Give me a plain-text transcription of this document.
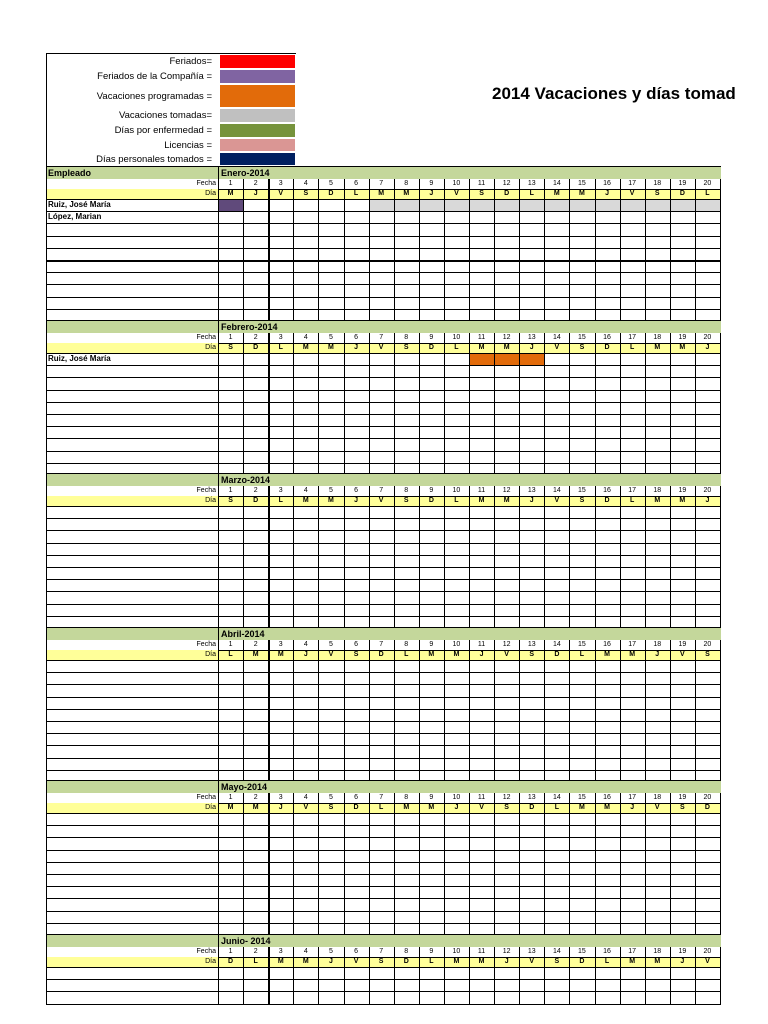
Feriados=
Feriados de la Compañía =
Vacaciones programadas =
Vacaciones tomadas=
Días por enfermedad =
Licencias =
Días personales tomados =
2014 Vacaciones y días tomad
Empleado	Enero-2014
Fecha
Día
1
M
2
J
3
V
4
S
5
D
6
L
7
M
8
M
9
J
10
V
11
S
12
D
13
L
14
M
15
M
16
J
17
V
18
S
19
D
20
L
Ruiz, José María
López, Marian
Febrero-2014
Fecha
Día
1
S
2
D
3
L
4
M
5
M
6
J
7
V
8
S
9
D
10
L
11
M
12
M
13
J
14
V
15
S
16
D
17
L
18
M
19
M
20
J
Ruiz, José María
Marzo-2014
Fecha
Día
1
S
2
D
3
L
4
M
5
M
6
J
7
V
8
S
9
D
10
L
11
M
12
M
13
J
14
V
15
S
16
D
17
L
18
M
19
M
20
J
Abril-2014
Fecha
Día
1
L
2
M
3
M
4
J
5
V
6
S
7
D
8
L
9
M
10
M
11
J
12
V
13
S
14
D
15
L
16
M
17
M
18
J
19
V
20
S
Mayo-2014
Fecha
Día
1
M
2
M
3
J
4
V
5
S
6
D
7
L
8
M
9
M
10
J
11
V
12
S
13
D
14
L
15
M
16
M
17
J
18
V
19
S
20
D
Junio- 2014
Fecha
Día
1
D
2
L
3
M
4
M
5
J
6
V
7
S
8
D
9
L
10
M
11
M
12
J
13
V
14
S
15
D
16
L
17
M
18
M
19
J
20
V
